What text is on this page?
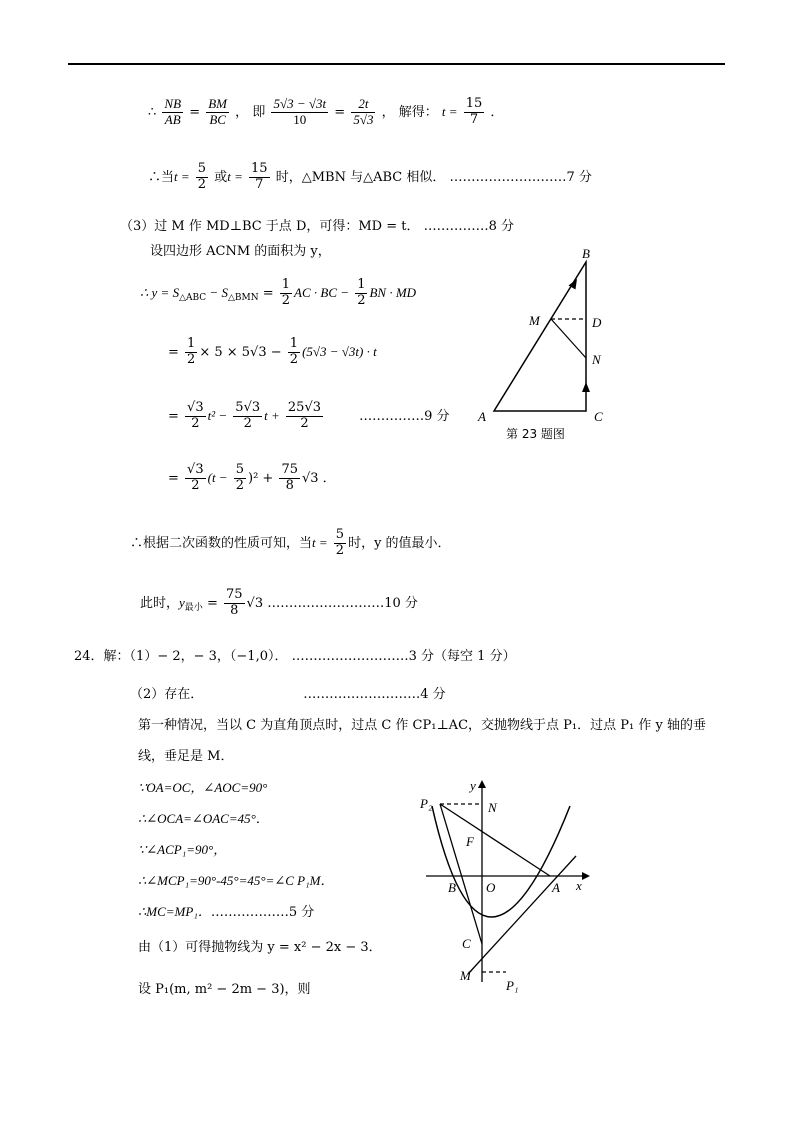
∴ $\frac{NB}{AB} = \frac{BM}{BC}$ ， 即 $\frac{5√3 - √3t}{10} = \frac{2t}{5√3}$ ， 解得： $t = \frac{15}{7}$ ．
∴当$t = \frac{5}{2}$ 或$t = \frac{15}{7}$ 时，△MBN 与△ABC 相似． ………………………7 分
（3）过 M 作 MD⊥BC 于点 D，可得：MD = t． ……………8 分
设四边形 ACNM 的面积为 y，
∴ $y = S_{\triangle ABC} - S_{\triangle BMN} = \frac{1}{2}$ AC · BC − $\frac{1}{2}$ BN · MD
= $\frac{1}{2} \times 5 \times 5√3 - \frac{1}{2} (5√3 - √3t) \cdot t$
= $\frac{√3}{2} t^2 - \frac{5√3}{2}$ $t + \frac{25√3}{2}$	……………9 分
= $\frac{√3}{2} (t - \frac{5}{2} )^2 + \frac{75}{8} √3$ ．
∴根据二次函数的性质可知，当$t = \frac{5}{2}$ 时，y 的值最小．
此时，$y_{最小} = \frac{75}{8} √3$ ………………………10 分
24．解：（1）− 2，− 3，（−1,0）． ………………………3 分（每空 1 分）
（2）存在．	………………………4 分
第一种情况，当以 C 为直角顶点时，过点 C 作 CP₁⊥AC，交抛物线于点 P₁．过点 P₁ 作 y 轴的垂
线，垂足是 M．
∵OA=OC，∠AOC=90°
∴∠OCA=∠OAC=45°．
∵∠ACP₁=90°，
∴∠MCP₁=90°-45°=45°=∠C P₁M．
∴MC=MP₁．………………5 分
由（1）可得抛物线为 y = x² − 2x − 3．
设 P₁(m, m² − 2m − 3)，则
B
M	D
N
A	C
第 23 题图
y
P₂	N
F
B O	A x
C
M
P₁
